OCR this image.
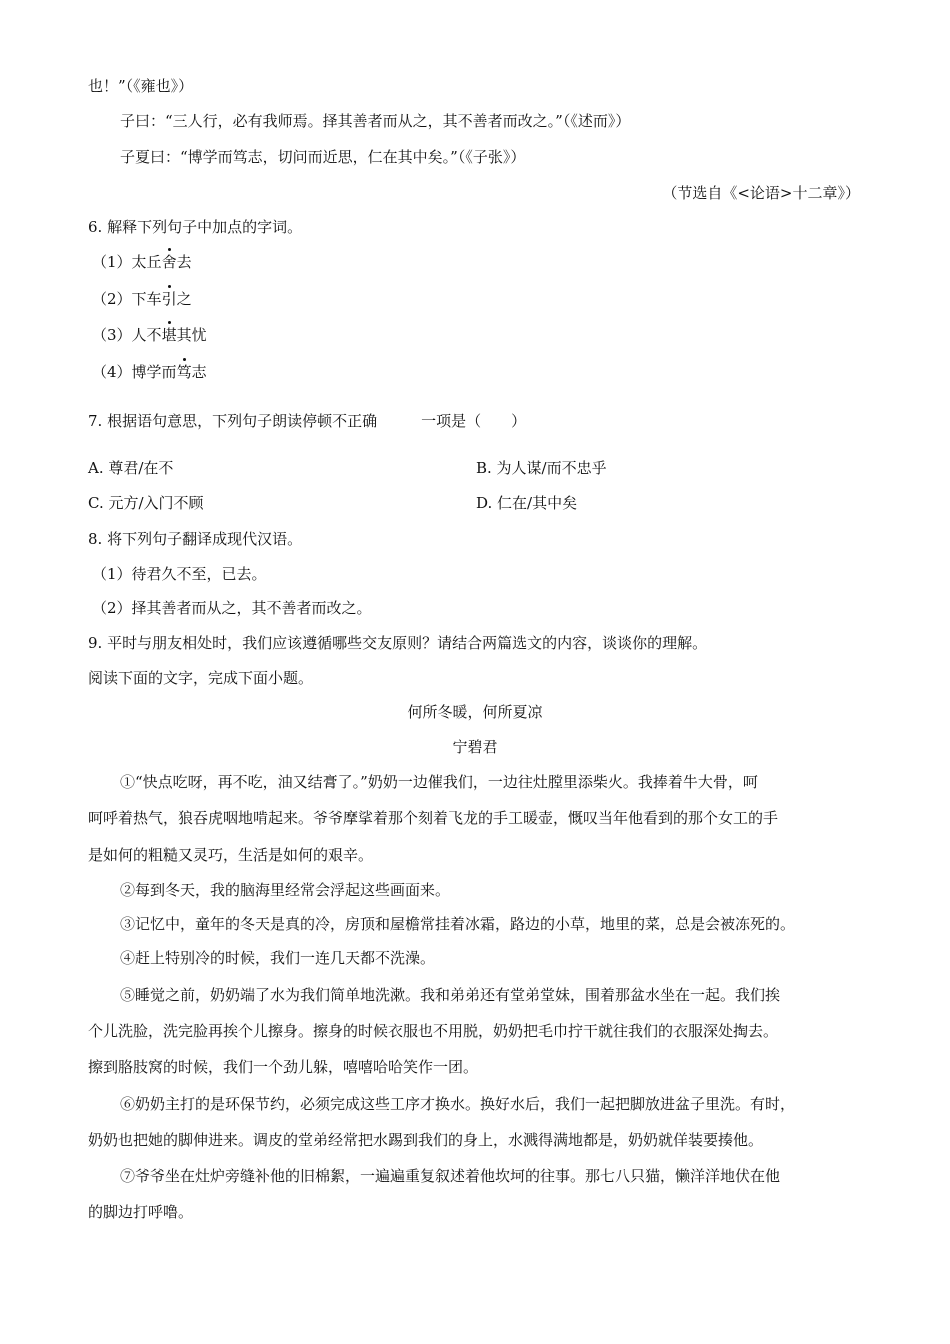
也！”（《雍也》）
子曰：“三人行，必有我师焉。择其善者而从之，其不善者而改之。”（《述而》）
子夏曰：“博学而笃志，切问而近思，仁在其中矣。”（《子张》）
（节选自《<论语>十二章》）
6. 解释下列句子中加点的字词。
（1）太丘舍去
（2）下车引之
（3）人不堪其忧
（4）博学而笃志
7. 根据语句意思，下列句子朗读停顿不正确	一项是（ ）
A. 尊君/在不	B. 为人谋/而不忠乎
C. 元方/入门不顾	D. 仁在/其中矣
8. 将下列句子翻译成现代汉语。
（1）待君久不至，已去。
（2）择其善者而从之，其不善者而改之。
9. 平时与朋友相处时，我们应该遵循哪些交友原则？请结合两篇选文的内容，谈谈你的理解。
阅读下面的文字，完成下面小题。
何所冬暖，何所夏凉
宁碧君
①“快点吃呀，再不吃，油又结膏了。”奶奶一边催我们，一边往灶膛里添柴火。我捧着牛大骨，呵
呵呼着热气，狼吞虎咽地啃起来。爷爷摩挲着那个刻着飞龙的手工暖壶，慨叹当年他看到的那个女工的手
是如何的粗糙又灵巧，生活是如何的艰辛。
②每到冬天，我的脑海里经常会浮起这些画面来。
③记忆中，童年的冬天是真的冷，房顶和屋檐常挂着冰霜，路边的小草，地里的菜，总是会被冻死的。
④赶上特别冷的时候，我们一连几天都不洗澡。
⑤睡觉之前，奶奶端了水为我们简单地洗漱。我和弟弟还有堂弟堂妹，围着那盆水坐在一起。我们挨
个儿洗脸，洗完脸再挨个儿擦身。擦身的时候衣服也不用脱，奶奶把毛巾拧干就往我们的衣服深处掏去。
擦到胳肢窝的时候，我们一个劲儿躲，嘻嘻哈哈笑作一团。
⑥奶奶主打的是环保节约，必须完成这些工序才换水。换好水后，我们一起把脚放进盆子里洗。有时，
奶奶也把她的脚伸进来。调皮的堂弟经常把水踢到我们的身上，水溅得满地都是，奶奶就佯装要揍他。
⑦爷爷坐在灶炉旁缝补他的旧棉絮，一遍遍重复叙述着他坎坷的往事。那七八只猫，懒洋洋地伏在他
的脚边打呼噜。
